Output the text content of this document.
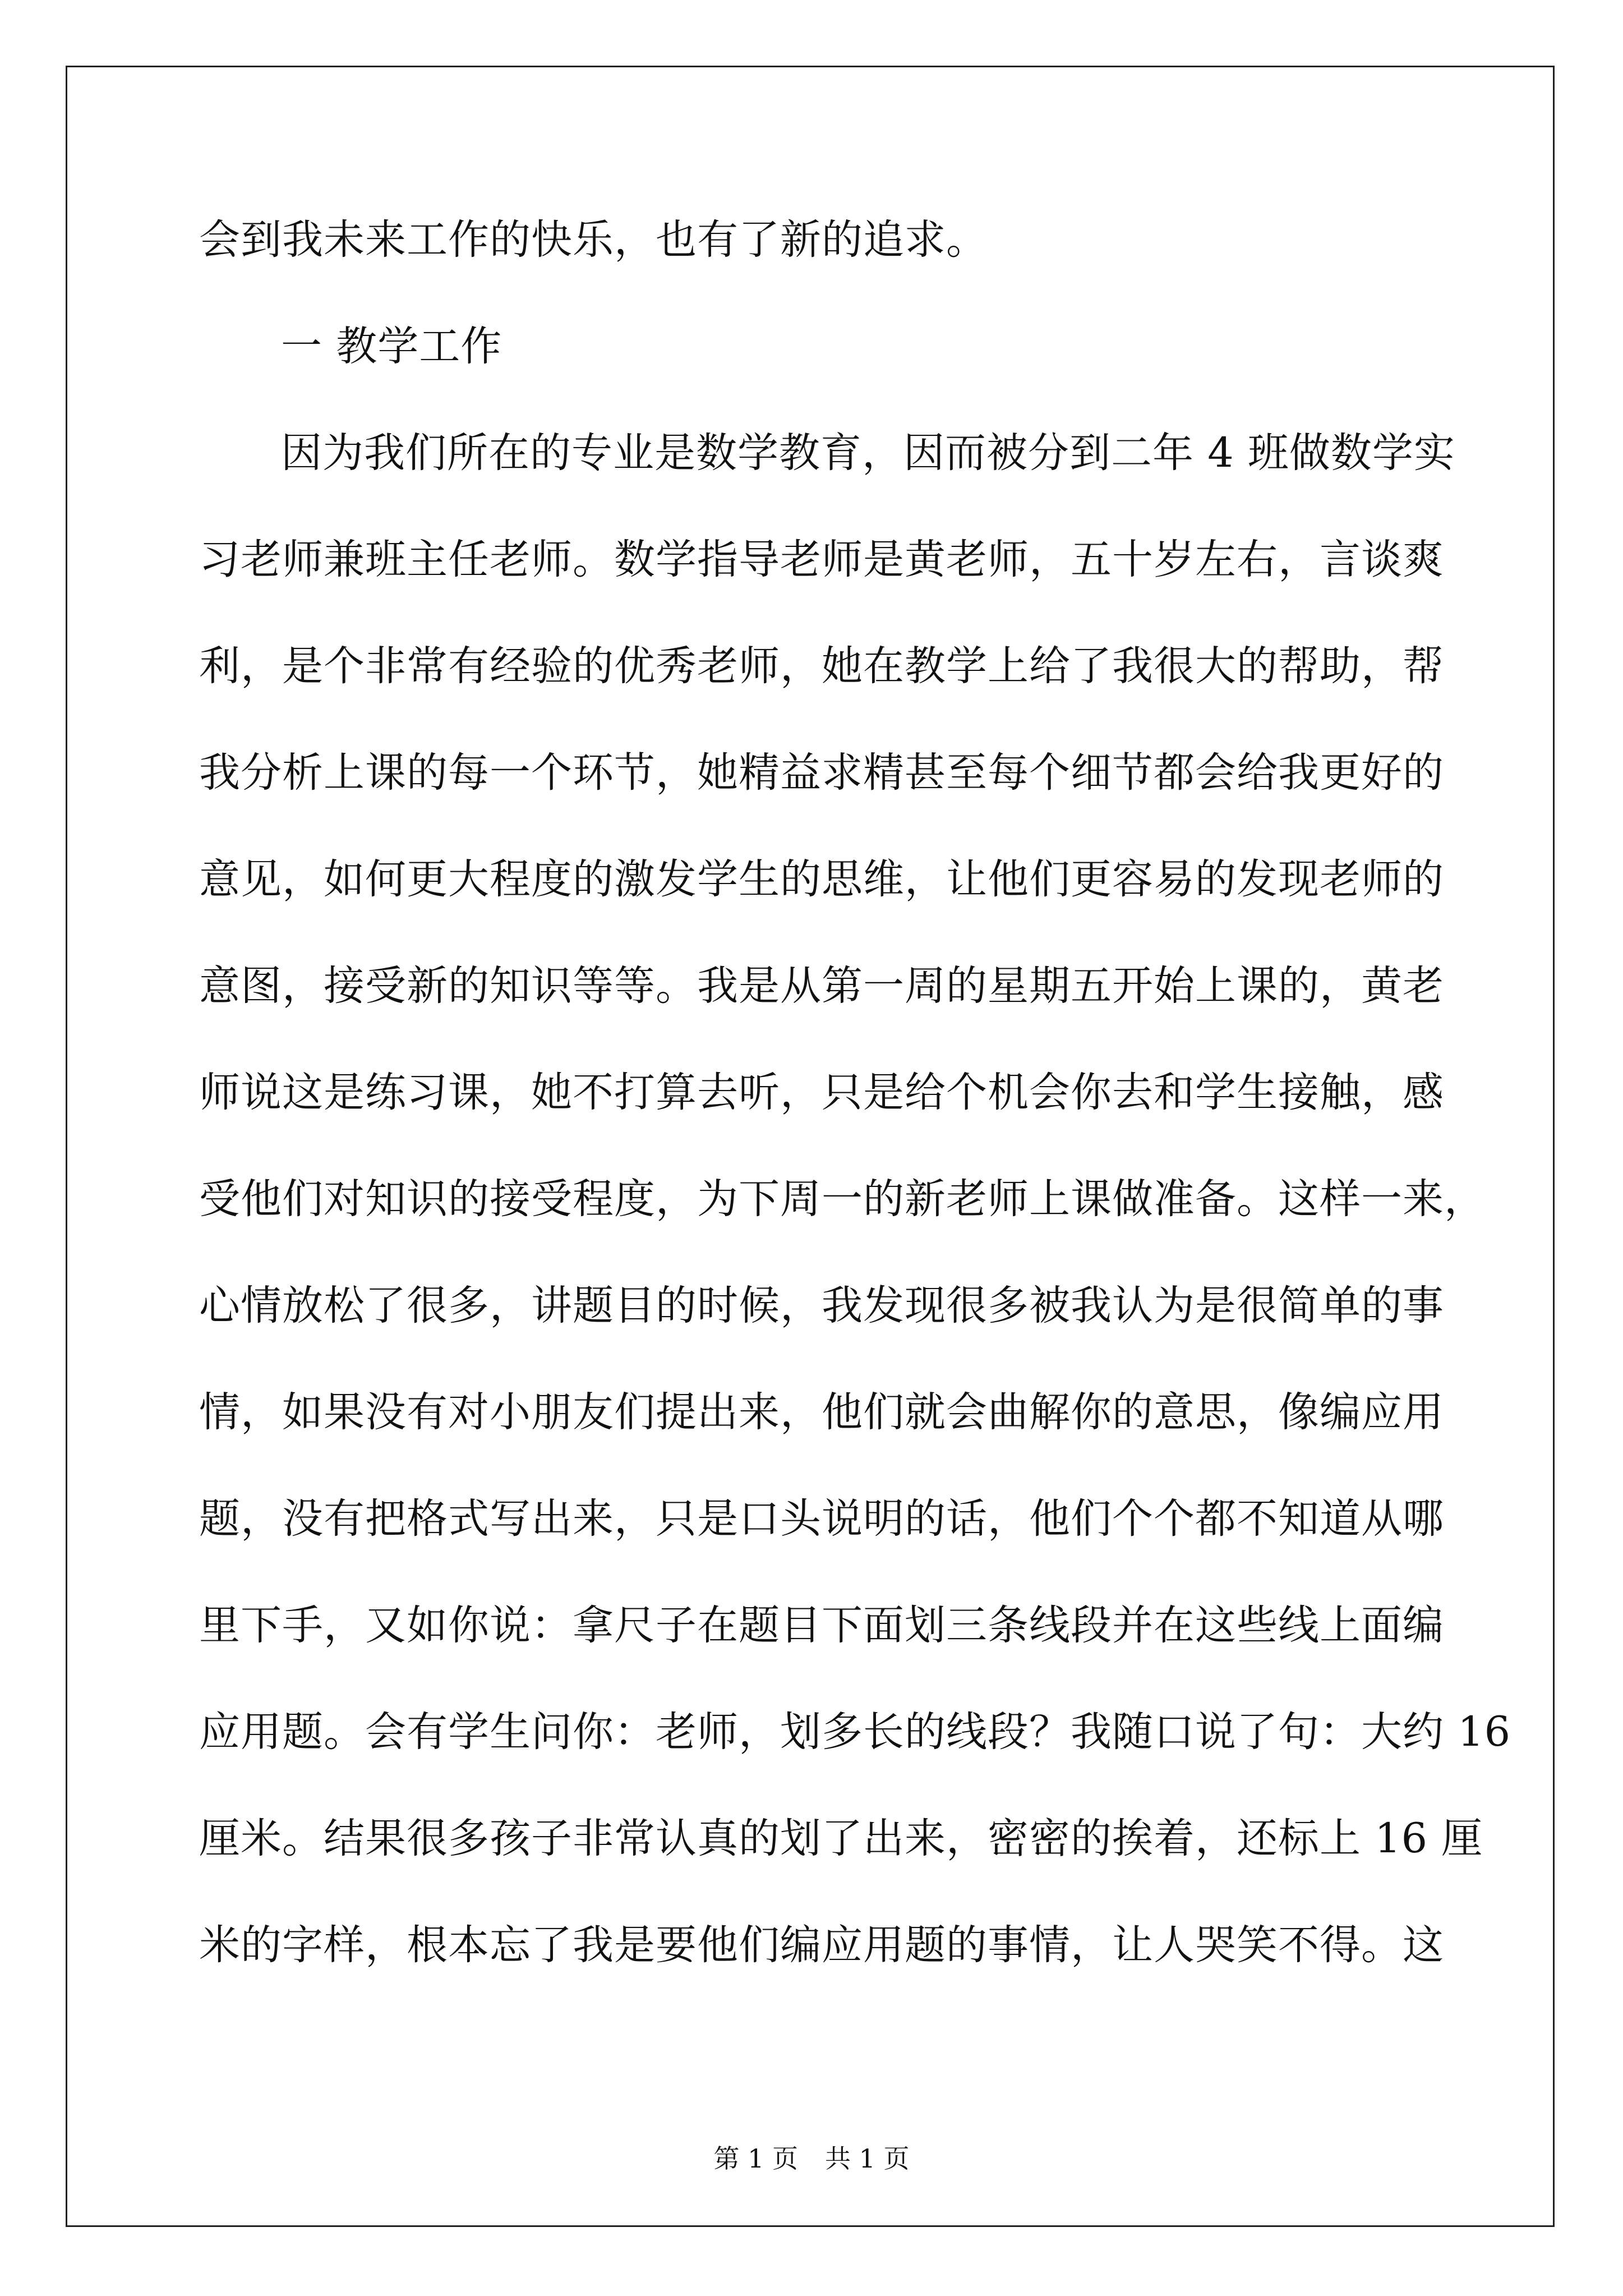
会到我未来工作的快乐，也有了新的追求。
一 教学工作
因为我们所在的专业是数学教育，因而被分到二年 4 班做数学实
习老师兼班主任老师。数学指导老师是黄老师，五十岁左右，言谈爽
利，是个非常有经验的优秀老师，她在教学上给了我很大的帮助，帮
我分析上课的每一个环节，她精益求精甚至每个细节都会给我更好的
意见，如何更大程度的激发学生的思维，让他们更容易的发现老师的
意图，接受新的知识等等。我是从第一周的星期五开始上课的，黄老
师说这是练习课，她不打算去听，只是给个机会你去和学生接触，感
受他们对知识的接受程度，为下周一的新老师上课做准备。这样一来，
心情放松了很多，讲题目的时候，我发现很多被我认为是很简单的事
情，如果没有对小朋友们提出来，他们就会曲解你的意思，像编应用
题，没有把格式写出来，只是口头说明的话，他们个个都不知道从哪
里下手，又如你说：拿尺子在题目下面划三条线段并在这些线上面编
应用题。会有学生问你：老师，划多长的线段？我随口说了句：大约 16
厘米。结果很多孩子非常认真的划了出来，密密的挨着，还标上 16 厘
米的字样，根本忘了我是要他们编应用题的事情，让人哭笑不得。这
第 1 页 共 1 页
